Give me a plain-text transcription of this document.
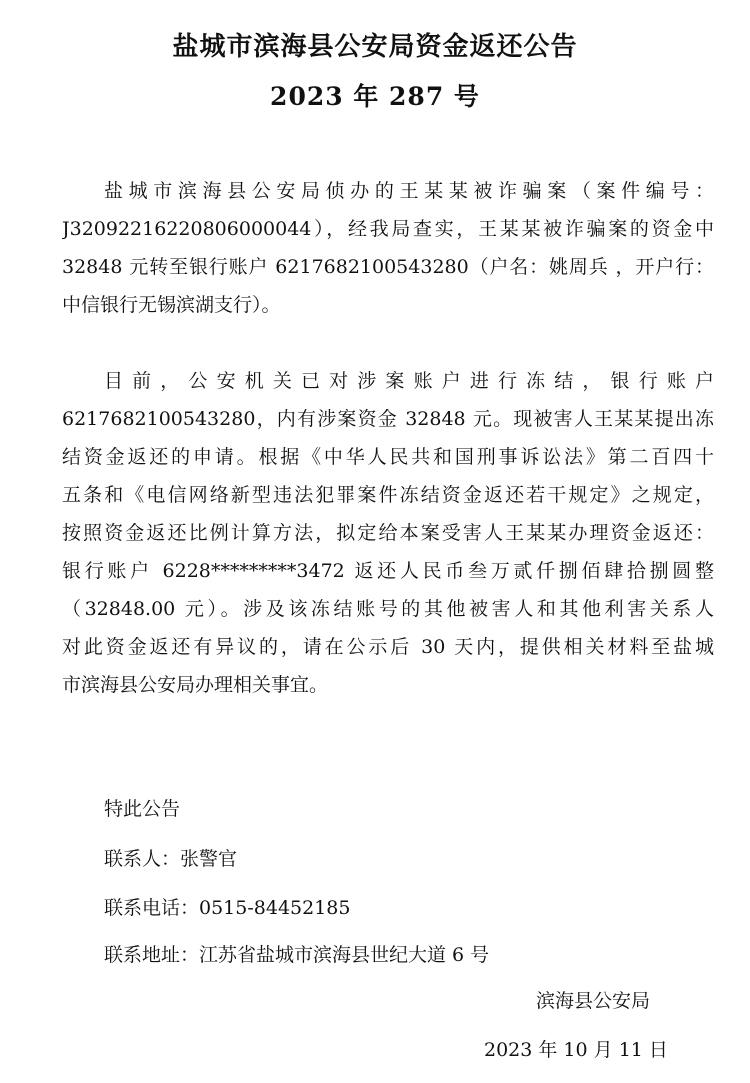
盐城市滨海县公安局资金返还公告
2023 年 287 号
盐城市滨海县公安局侦办的王某某被诈骗案（案件编号：
J32092216220806000044），经我局查实，王某某被诈骗案的资金中
32848 元转至银行账户 6217682100543280（户名：姚周兵 ，开户行：
中信银行无锡滨湖支行）。
目前，公安机关已对涉案账户进行冻结，银行账户
6217682100543280，内有涉案资金 32848 元。现被害人王某某提出冻
结资金返还的申请。根据《中华人民共和国刑事诉讼法》第二百四十
五条和《电信网络新型违法犯罪案件冻结资金返还若干规定》之规定，
按照资金返还比例计算方法，拟定给本案受害人王某某办理资金返还：
银行账户 6228*********3472 返还人民币叁万贰仟捌佰肆拾捌圆整
（32848.00 元）。涉及该冻结账号的其他被害人和其他利害关系人
对此资金返还有异议的，请在公示后 30 天内，提供相关材料至盐城
市滨海县公安局办理相关事宜。
特此公告
联系人：张警官
联系电话：0515-84452185
联系地址：江苏省盐城市滨海县世纪大道 6 号
滨海县公安局
2023 年 10 月 11 日
